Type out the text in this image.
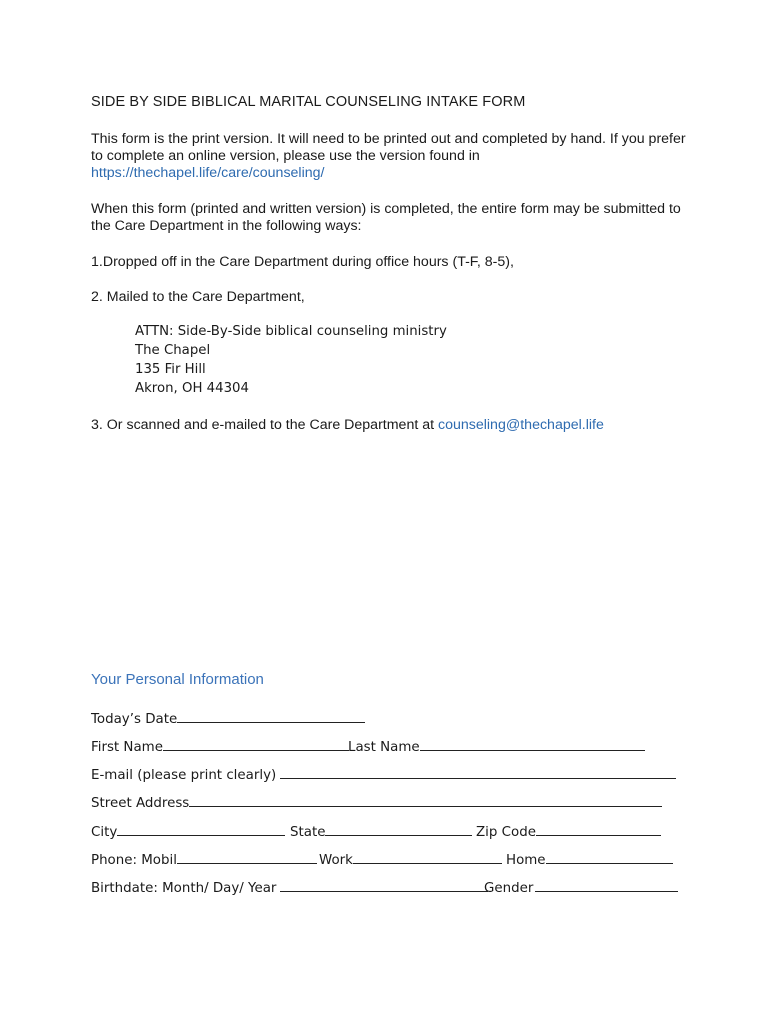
SIDE BY SIDE BIBLICAL MARITAL COUNSELING INTAKE FORM
This form is the print version. It will need to be printed out and completed by hand. If you prefer
to complete an online version, please use the version found in
https://thechapel.life/care/counseling/
When this form (printed and written version) is completed, the entire form may be submitted to
the Care Department in the following ways:
1.Dropped off in the Care Department during office hours (T-F, 8-5),
2. Mailed to the Care Department,
ATTN: Side-By-Side biblical counseling ministry
The Chapel
135 Fir Hill
Akron, OH 44304
3. Or scanned and e-mailed to the Care Department at counseling@thechapel.life
Your Personal Information
Today’s Date
First Name	Last Name
E-mail (please print clearly)
Street Address
City	State	Zip Code
Phone: Mobil	Work	Home
Birthdate: Month/ Day/ Year	Gender
